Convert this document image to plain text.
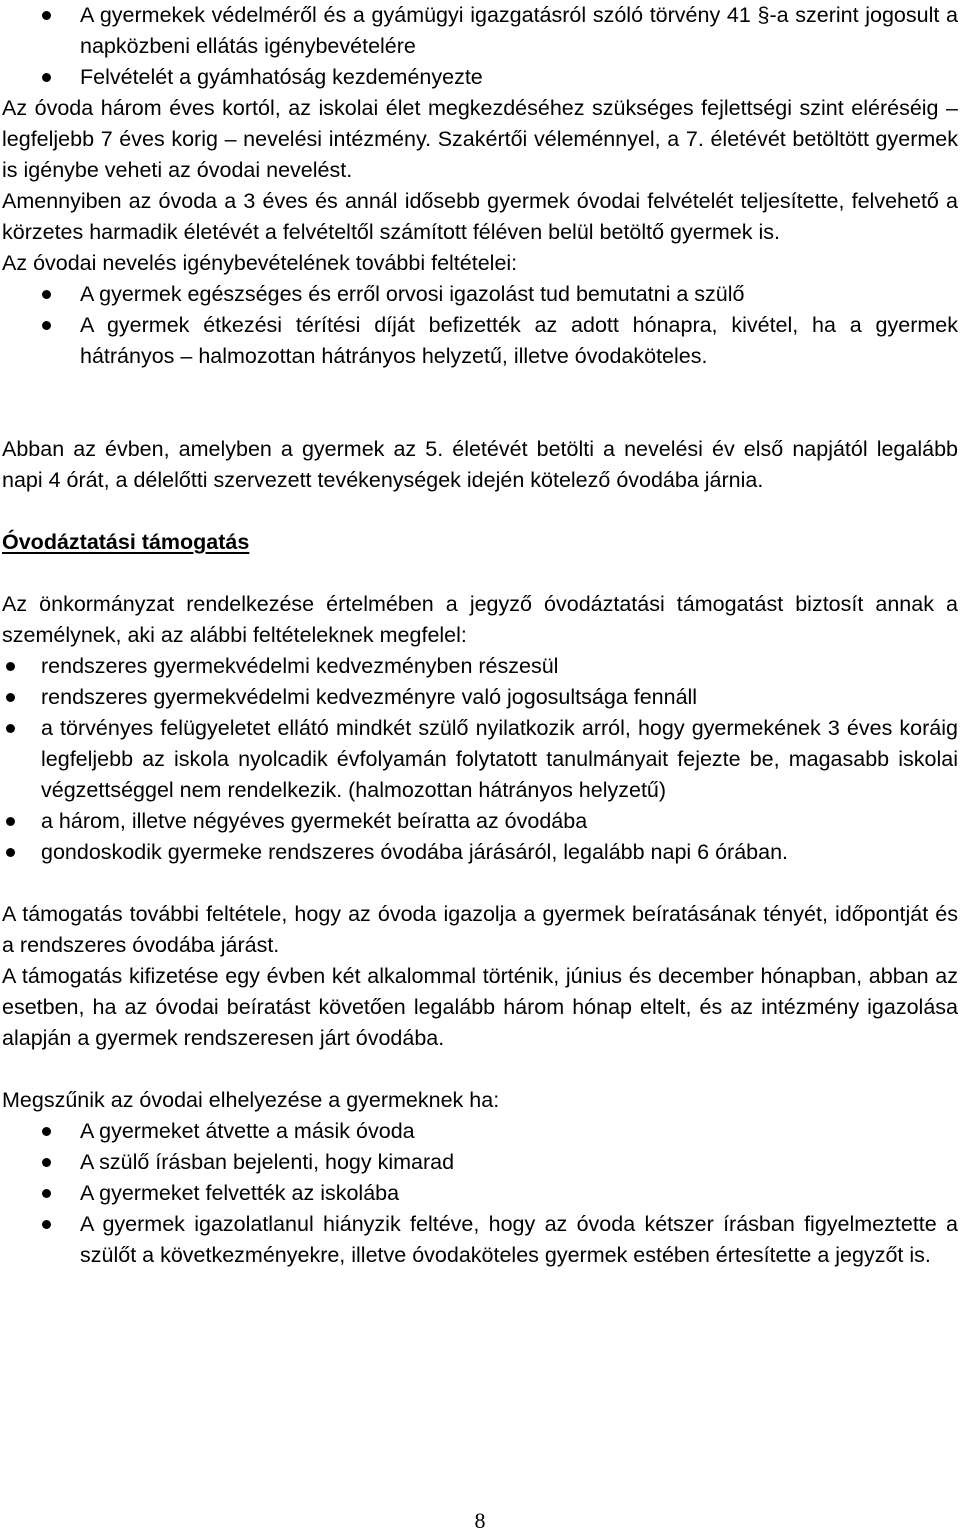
A gyermekek védelméről és a gyámügyi igazgatásról szóló törvény 41 §-a szerint jogosult a napközbeni ellátás igénybevételére
Felvételét a gyámhatóság kezdeményezte

Az óvoda három éves kortól, az iskolai élet megkezdéséhez szükséges fejlettségi szint eléréséig – legfeljebb 7 éves korig – nevelési intézmény. Szakértői véleménnyel, a 7. életévét betöltött gyermek is igénybe veheti az óvodai nevelést.

Amennyiben az óvoda a 3 éves és annál idősebb gyermek óvodai felvételét teljesítette, felvehető a körzetes harmadik életévét a felvételtől számított féléven belül betöltő gyermek is.

Az óvodai nevelés igénybevételének további feltételei:

A gyermek egészséges és erről orvosi igazolást tud bemutatni a szülő
A gyermek étkezési térítési díját befizették az adott hónapra, kivétel, ha a gyermek hátrányos – halmozottan hátrányos helyzetű, illetve óvodaköteles.

Abban az évben, amelyben a gyermek az 5. életévét betölti a nevelési év első napjától legalább napi 4 órát, a délelőtti szervezett tevékenységek idején kötelező óvodába járnia.

Óvodáztatási támogatás

Az önkormányzat rendelkezése értelmében a jegyző óvodáztatási támogatást biztosít annak a személynek, aki az alábbi feltételeknek megfelel:

rendszeres gyermekvédelmi kedvezményben részesül
rendszeres gyermekvédelmi kedvezményre való jogosultsága fennáll
a törvényes felügyeletet ellátó mindkét szülő nyilatkozik arról, hogy gyermekének 3 éves koráig legfeljebb az iskola nyolcadik évfolyamán folytatott tanulmányait fejezte be, magasabb iskolai végzettséggel nem rendelkezik. (halmozottan hátrányos helyzetű)
a három, illetve négyéves gyermekét beíratta az óvodába
gondoskodik gyermeke rendszeres óvodába járásáról, legalább napi 6 órában.

A támogatás további feltétele, hogy az óvoda igazolja a gyermek beíratásának tényét, időpontját és a rendszeres óvodába járást.

A támogatás kifizetése egy évben két alkalommal történik, június és december hónapban, abban az esetben, ha az óvodai beíratást követően legalább három hónap eltelt, és az intézmény igazolása alapján a gyermek rendszeresen járt óvodába.

Megszűnik az óvodai elhelyezése a gyermeknek ha:

A gyermeket átvette a másik óvoda
A szülő írásban bejelenti, hogy kimarad
A gyermeket felvették az iskolába
A gyermek igazolatlanul hiányzik feltéve, hogy az óvoda kétszer írásban figyelmeztette a szülőt a következményekre, illetve óvodaköteles gyermek estében értesítette a jegyzőt is.
8
